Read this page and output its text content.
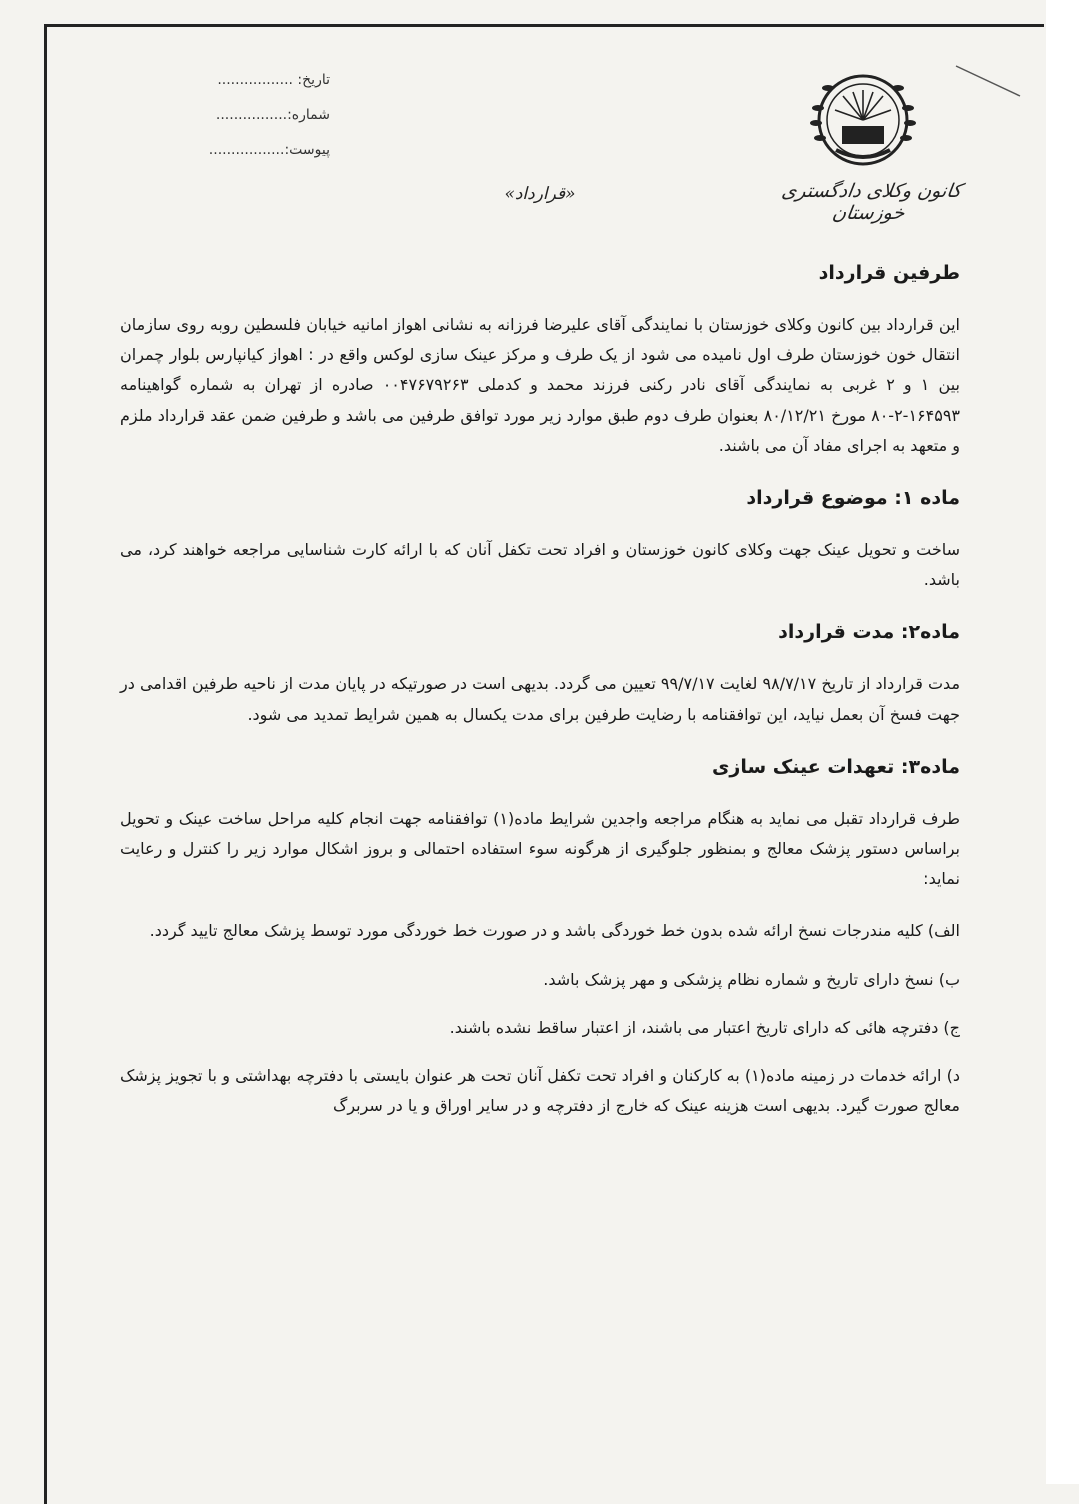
تاریخ: .................
شماره:................
پیوست:.................
کانون وکلای دادگستری خوزستان
«قرارداد»
طرفین قرارداد
این قرارداد بین کانون وکلای خوزستان با نمایندگی آقای علیرضا فرزانه به نشانی اهواز امانیه خیابان فلسطین روبه روی سازمان انتقال خون خوزستان طرف اول نامیده می شود از یک طرف و مرکز عینک سازی لوکس واقع در : اهواز کیانپارس بلوار چمران بین ۱ و ۲ غربی به نمایندگی آقای نادر رکنی فرزند محمد و کدملی ۰۰۴۷۶۷۹۲۶۳ صادره از تهران به شماره گواهینامه ۱۶۴۵۹۳-۲-۸۰ مورخ ۸۰/۱۲/۲۱ بعنوان طرف دوم طبق موارد زیر مورد توافق طرفین می باشد و طرفین ضمن عقد قرارداد ملزم و متعهد به اجرای مفاد آن می باشند.
ماده ۱: موضوع قرارداد
ساخت و تحویل عینک جهت وکلای کانون خوزستان و افراد تحت تکفل آنان که با ارائه کارت شناسایی مراجعه خواهند کرد، می باشد.
ماده۲: مدت قرارداد
مدت قرارداد از تاریخ ۹۸/۷/۱۷ لغایت ۹۹/۷/۱۷ تعیین می گردد. بدیهی است در صورتیکه در پایان مدت از ناحیه طرفین اقدامی در جهت فسخ آن بعمل نیاید، این توافقنامه با رضایت طرفین برای مدت یکسال به همین شرایط تمدید می شود.
ماده۳: تعهدات عینک سازی
طرف قرارداد تقبل می نماید به هنگام مراجعه واجدین شرایط ماده(۱) توافقنامه جهت انجام کلیه مراحل ساخت عینک و تحویل براساس دستور پزشک معالج و بمنظور جلوگیری از هرگونه سوء استفاده احتمالی و بروز اشکال موارد زیر را کنترل و رعایت نماید:
الف) کلیه مندرجات نسخ ارائه شده بدون خط خوردگی باشد و در صورت خط خوردگی مورد توسط پزشک معالج تایید گردد.
ب) نسخ دارای تاریخ و شماره نظام پزشکی و مهر پزشک باشد.
ج) دفترچه هائی که دارای تاریخ اعتبار می باشند، از اعتبار ساقط نشده باشند.
د) ارائه خدمات در زمینه ماده(۱) به کارکنان و افراد تحت تکفل آنان تحت هر عنوان بایستی با دفترچه بهداشتی و با تجویز پزشک معالج صورت گیرد. بدیهی است هزینه عینک که خارج از دفترچه و در سایر اوراق و یا در سربرگ
